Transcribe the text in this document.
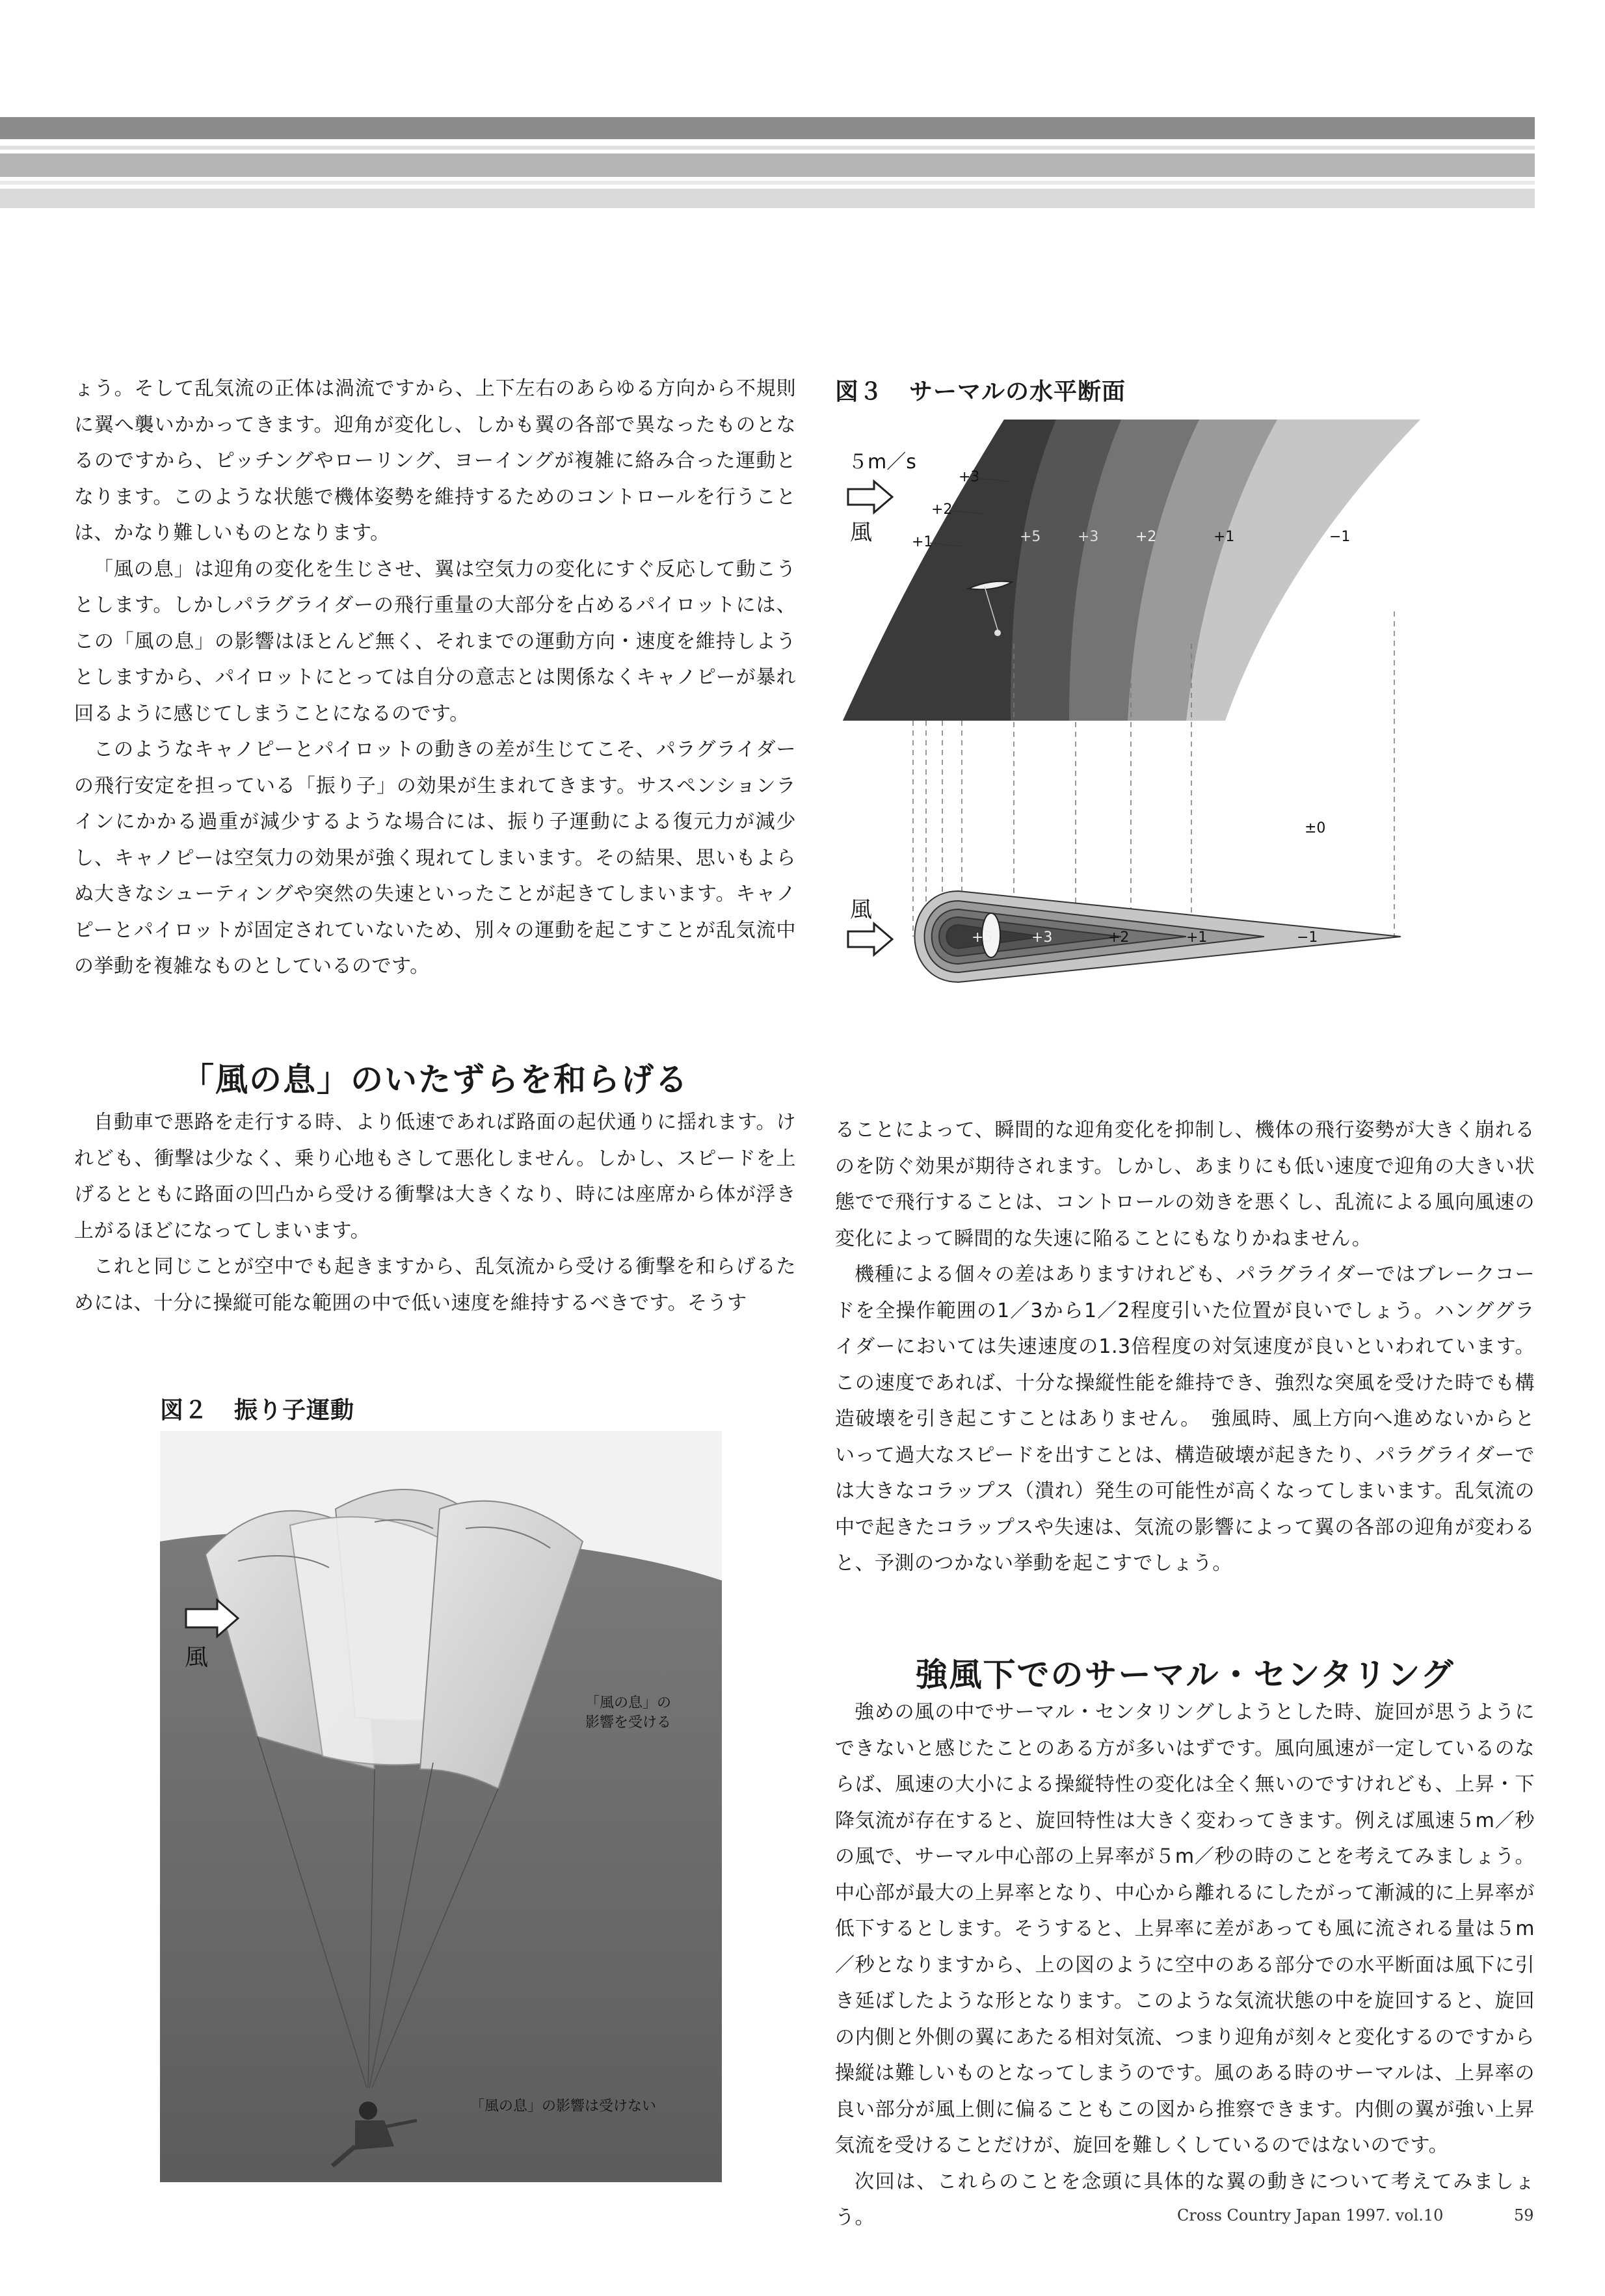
ょう。そして乱気流の正体は渦流ですから、上下左右のあらゆる方向から不規則に翼へ襲いかかってきます。迎角が変化し、しかも翼の各部で異なったものとなるのですから、ピッチングやローリング、ヨーイングが複雑に絡み合った運動となります。このような状態で機体姿勢を維持するためのコントロールを行うことは、かなり難しいものとなります。

「風の息」は迎角の変化を生じさせ、翼は空気力の変化にすぐ反応して動こうとします。しかしパラグライダーの飛行重量の大部分を占めるパイロットには、この「風の息」の影響はほとんど無く、それまでの運動方向・速度を維持しようとしますから、パイロットにとっては自分の意志とは関係なくキャノピーが暴れ回るように感じてしまうことになるのです。

このようなキャノピーとパイロットの動きの差が生じてこそ、パラグライダーの飛行安定を担っている「振り子」の効果が生まれてきます。サスペンションラインにかかる過重が減少するような場合には、振り子運動による復元力が減少し、キャノピーは空気力の効果が強く現れてしまいます。その結果、思いもよらぬ大きなシューティングや突然の失速といったことが起きてしまいます。キャノピーとパイロットが固定されていないため、別々の運動を起こすことが乱気流中の挙動を複雑なものとしているのです。

「風の息」のいたずらを和らげる

自動車で悪路を走行する時、より低速であれば路面の起伏通りに揺れます。けれども、衝撃は少なく、乗り心地もさして悪化しません。しかし、スピードを上げるとともに路面の凹凸から受ける衝撃は大きくなり、時には座席から体が浮き上がるほどになってしまいます。

これと同じことが空中でも起きますから、乱気流から受ける衝撃を和らげるためには、十分に操縦可能な範囲の中で低い速度を維持するべきです。そうす

図２ 振り子運動
風
「風の息」の
影響を受ける
「風の息」の影響は受けない
図３ サーマルの水平断面
５m／s
風
風
+3
+2
+1	+5	+3	+2	+1	−1
±0
+5	+3	+2	+1	−1

ることによって、瞬間的な迎角変化を抑制し、機体の飛行姿勢が大きく崩れるのを防ぐ効果が期待されます。しかし、あまりにも低い速度で迎角の大きい状態でで飛行することは、コントロールの効きを悪くし、乱流による風向風速の変化によって瞬間的な失速に陥ることにもなりかねません。

機種による個々の差はありますけれども、パラグライダーではブレークコードを全操作範囲の1／3から1／2程度引いた位置が良いでしょう。ハンググライダーにおいては失速速度の1.3倍程度の対気速度が良いといわれています。この速度であれば、十分な操縦性能を維持でき、強烈な突風を受けた時でも構造破壊を引き起こすことはありません。　強風時、風上方向へ進めないからといって過大なスピードを出すことは、構造破壊が起きたり、パラグライダーでは大きなコラップス（潰れ）発生の可能性が高くなってしまいます。乱気流の中で起きたコラップスや失速は、気流の影響によって翼の各部の迎角が変わると、予測のつかない挙動を起こすでしょう。

強風下でのサーマル・センタリング

強めの風の中でサーマル・センタリングしようとした時、旋回が思うようにできないと感じたことのある方が多いはずです。風向風速が一定しているのならば、風速の大小による操縦特性の変化は全く無いのですけれども、上昇・下降気流が存在すると、旋回特性は大きく変わってきます。例えば風速５m／秒の風で、サーマル中心部の上昇率が５m／秒の時のことを考えてみましょう。中心部が最大の上昇率となり、中心から離れるにしたがって漸減的に上昇率が低下するとします。そうすると、上昇率に差があっても風に流される量は５m／秒となりますから、上の図のように空中のある部分での水平断面は風下に引き延ばしたような形となります。このような気流状態の中を旋回すると、旋回の内側と外側の翼にあたる相対気流、つまり迎角が刻々と変化するのですから操縦は難しいものとなってしまうのです。風のある時のサーマルは、上昇率の良い部分が風上側に偏ることもこの図から推察できます。内側の翼が強い上昇気流を受けることだけが、旋回を難しくしているのではないのです。

次回は、これらのことを念頭に具体的な翼の動きについて考えてみましょう。	Cross Country Japan 1997. vol.10	59
